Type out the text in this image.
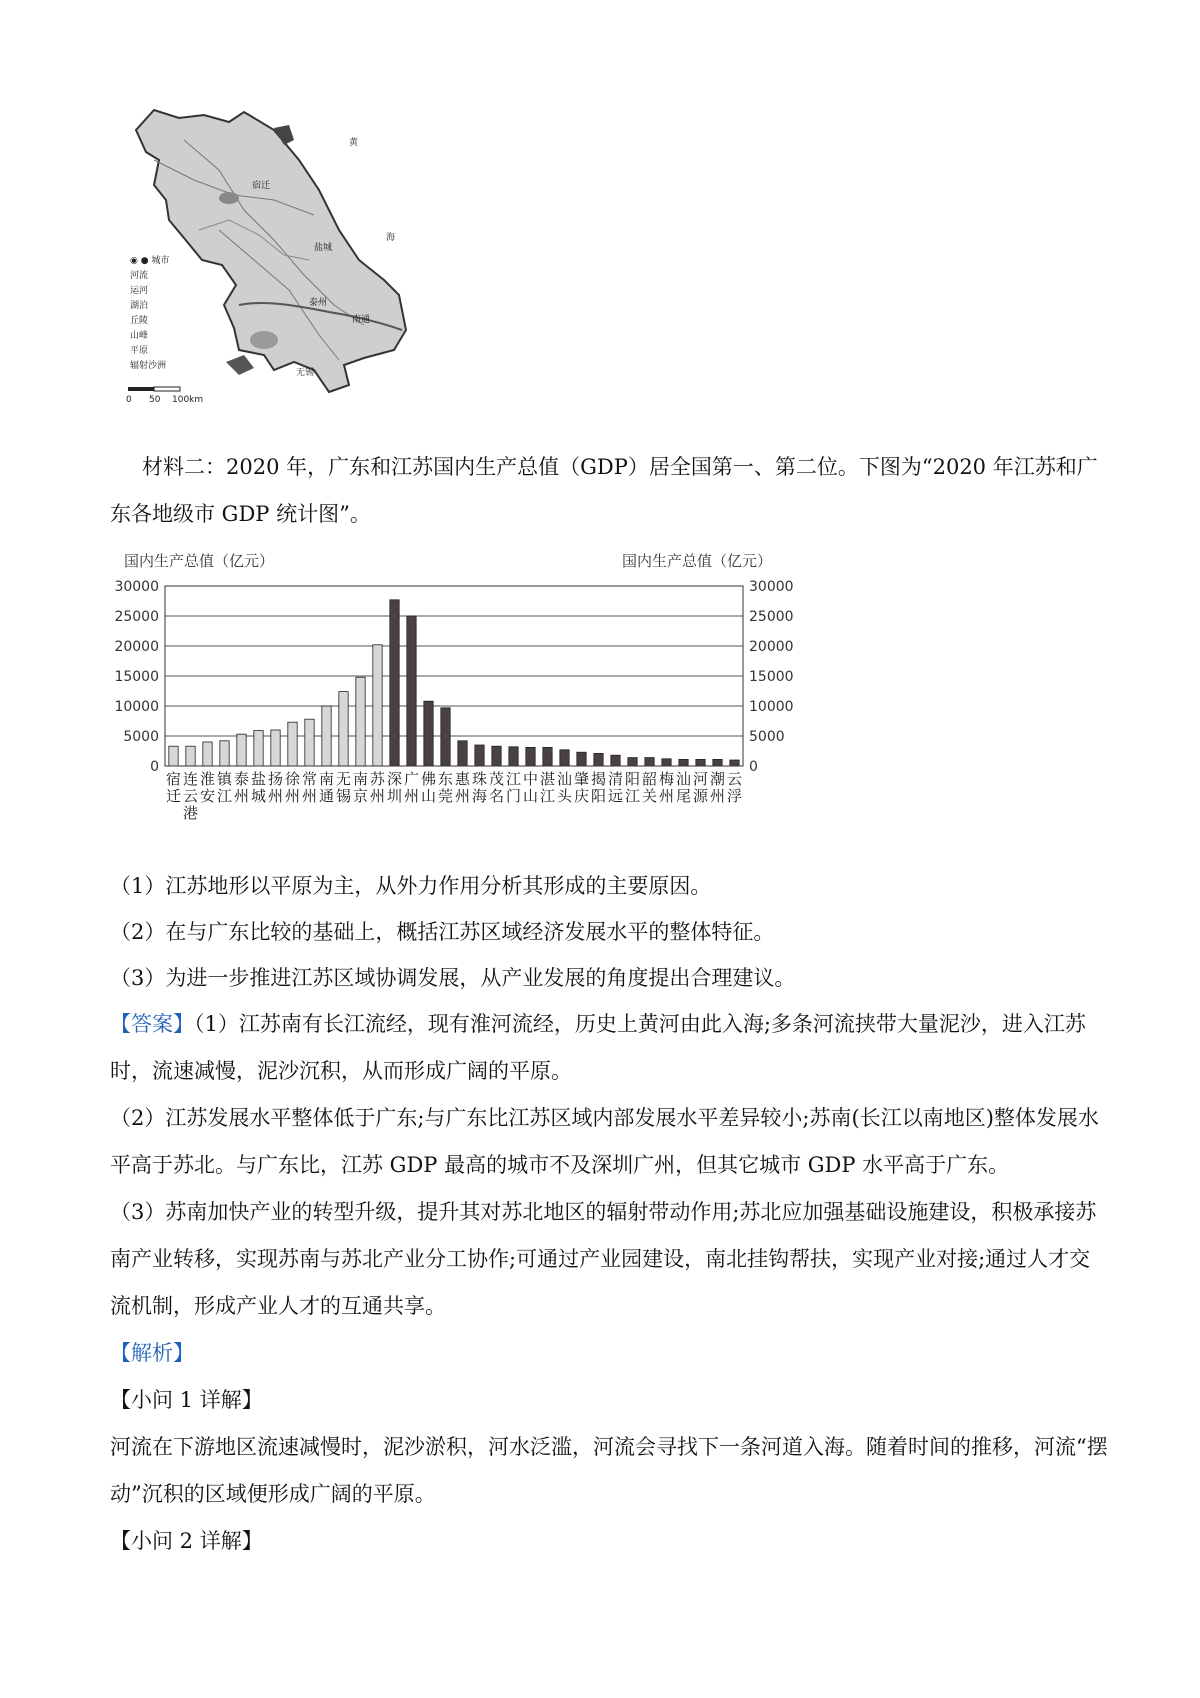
黄
海
宿迁
盐城
泰州
南通
无锡
◉ ● 城市
河流
运河
湖泊
丘陵
山峰
平原
辐射沙洲
0 50 100km
材料二：2020 年，广东和江苏国内生产总值（GDP）居全国第一、第二位。下图为“2020 年江苏和广
东各地级市 GDP 统计图”。
国内生产总值（亿元）	国内生产总值（亿元）
0
5000
10000
15000
20000
25000
30000
0
5000
10000
15000
20000
25000
30000
宿迁
连云港
淮安
镇江
泰州
盐城
扬州
徐州
常州
南通
无锡
南京
苏州
深圳
广州
佛山
东莞
惠州
珠海
茂名
江门
中山
湛江
汕头
肇庆
揭阳
清远
阳江
韶关
梅州
汕尾
河源
潮州
云浮
（1）江苏地形以平原为主，从外力作用分析其形成的主要原因。
（2）在与广东比较的基础上，概括江苏区域经济发展水平的整体特征。
（3）为进一步推进江苏区域协调发展，从产业发展的角度提出合理建议。
【答案】（1）江苏南有长江流经，现有淮河流经，历史上黄河由此入海;多条河流挟带大量泥沙，进入江苏
时，流速减慢，泥沙沉积，从而形成广阔的平原。
（2）江苏发展水平整体低于广东;与广东比江苏区域内部发展水平差异较小;苏南(长江以南地区)整体发展水
平高于苏北。与广东比，江苏 GDP 最高的城市不及深圳广州，但其它城市 GDP 水平高于广东。
（3）苏南加快产业的转型升级，提升其对苏北地区的辐射带动作用;苏北应加强基础设施建设，积极承接苏
南产业转移，实现苏南与苏北产业分工协作;可通过产业园建设，南北挂钩帮扶，实现产业对接;通过人才交
流机制，形成产业人才的互通共享。
【解析】
【小问 1 详解】
河流在下游地区流速减慢时，泥沙淤积，河水泛滥，河流会寻找下一条河道入海。随着时间的推移，河流“摆
动”沉积的区域便形成广阔的平原。
【小问 2 详解】
